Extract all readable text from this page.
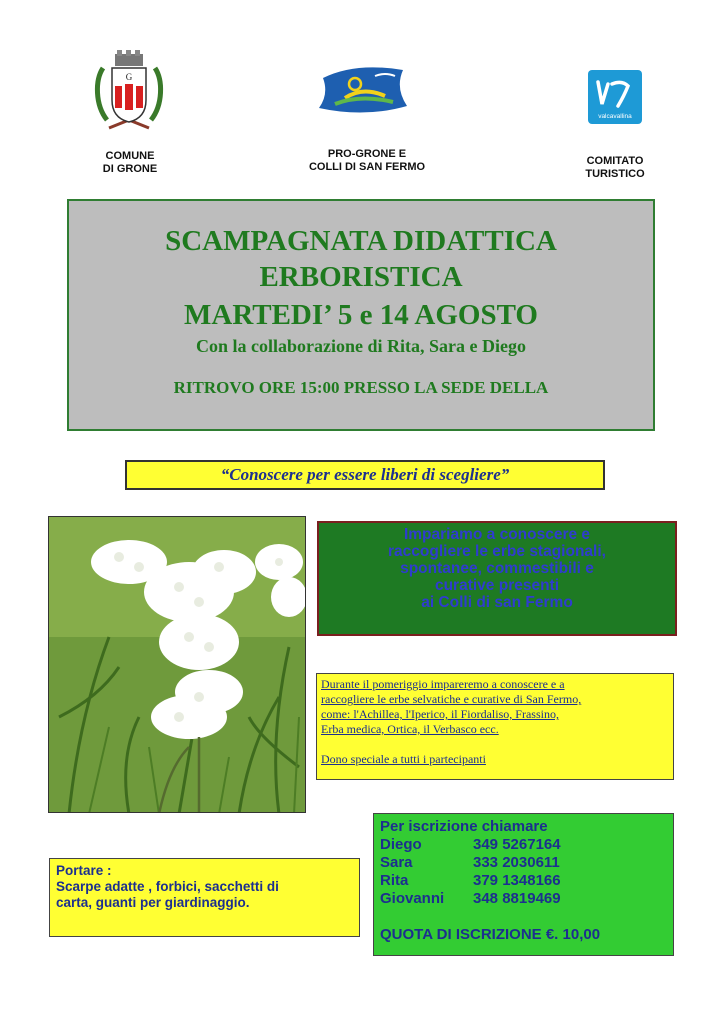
G
COMUNE
DI GRONE
PRO-GRONE E
COLLI DI SAN FERMO
valcavallina
COMITATO
TURISTICO
SCAMPAGNATA DIDATTICA
ERBORISTICA
MARTEDI’ 5 e 14 AGOSTO
Con la collaborazione di Rita, Sara e Diego
RITROVO ORE 15:00 PRESSO LA SEDE DELLA
“Conoscere per essere liberi di scegliere”
Impariamo a conoscere e
raccogliere le erbe stagionali,
spontanee, commestibili e
curative presenti
ai Colli di san Fermo
Durante il pomeriggio impareremo a conoscere e a
raccogliere le erbe selvatiche e curative di San Fermo,
come: l'Achillea, l'Iperico, il Fiordaliso, Frassino,
Erba medica, Ortica, il Verbasco ecc.
Dono speciale a tutti i partecipanti
Per iscrizione chiamare
Diego	349 5267164
Sara	333 2030611
Rita	379 1348166
Giovanni	348 8819469
QUOTA DI ISCRIZIONE €. 10,00
Portare :
Scarpe adatte , forbici, sacchetti di
carta, guanti per giardinaggio.
